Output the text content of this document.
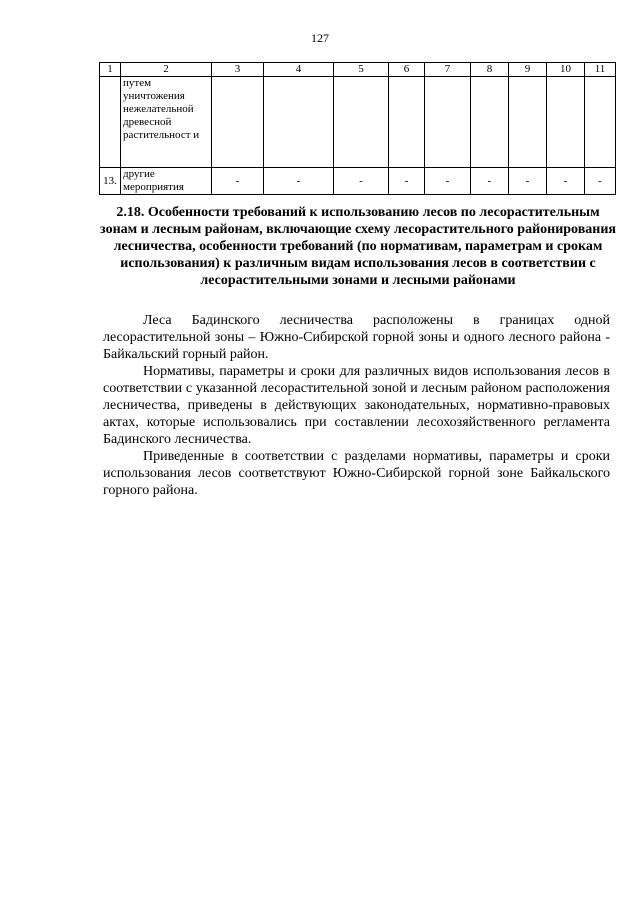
127
1	2	3	4	5	6	7	8	9	10	11
	путем уничтожения нежелательной древесной растительност и									
13.	другие мероприятия	-	-	-	-	-	-	-	-	-
2.18. Особенности требований к использованию лесов по лесорастительным зонам и лесным районам, включающие схему лесорастительного районирования лесничества, особенности требований (по нормативам, параметрам и срокам использования) к различным видам использования лесов в соответствии с лесорастительными зонами и лесными районами

Леса Бадинского лесничества расположены в границах одной лесорастительной зоны – Южно-Сибирской горной зоны и одного лесного района - Байкальский горный район.

Нормативы, параметры и сроки для различных видов использования лесов в соответствии с указанной лесорастительной зоной и лесным районом расположения лесничества, приведены в действующих законодательных, нормативно-правовых актах, которые использовались при составлении лесохозяйственного регламента Бадинского лесничества.

Приведенные в соответствии с разделами нормативы, параметры и сроки использования лесов соответствуют Южно-Сибирской горной зоне Байкальского горного района.
